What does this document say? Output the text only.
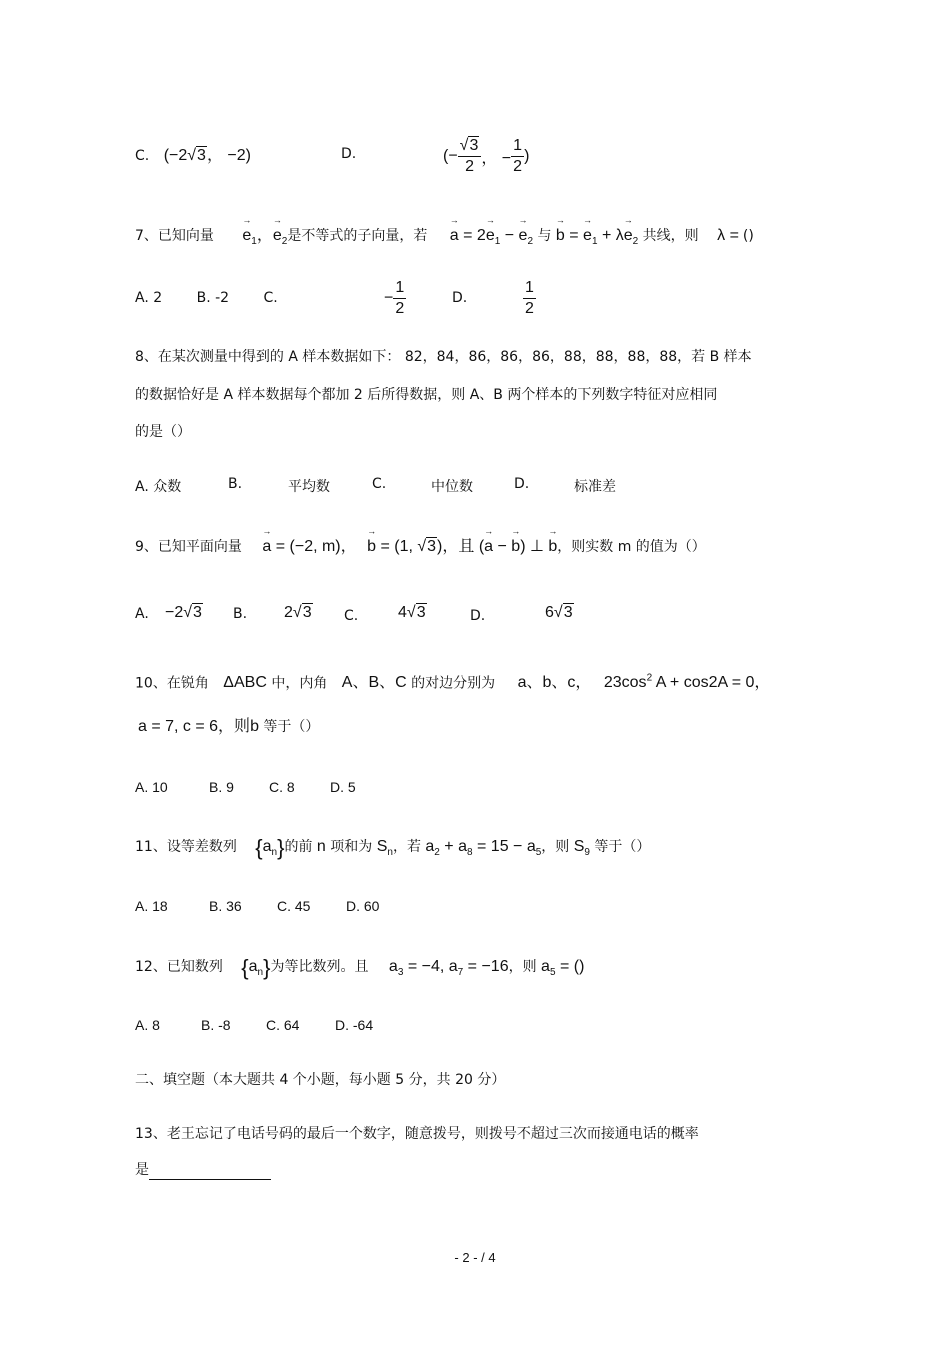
C. (−2√3， −2)	D.	(− $\frac{√3}{2}$ ， − $\frac{1}{2}$ )
7、已知向量 → $e_1$，→ $e_2$是不等式的子向量，若 → $a = 2\to e_1$ − → $e_2$ 与 → b = → $e_1 + \lambda\to e_2$ 共线，则 λ = ()
A. 2 B. -2 C.	− $\frac{1}{2}$	D.	$\frac{1}{2}$
8、在某次测量中得到的 A 样本数据如下： 82，84，86，86，86，88，88，88，88，若 B 样本
的数据恰好是 A 样本数据每个都加 2 后所得数据，则 A、B 两个样本的下列数字特征对应相同
的是（）
A. 众数	B.	平均数	C.	中位数	D.	标准差
9、已知平面向量 → a = (−2, m)， → b = (1, √3)，且 (→ a − → b) ⊥ → b，则实数 m 的值为（）
A. −2√3 B. 2√3 C. 4√3	D.	6√3
10、在锐角 ΔABC 中，内角 A、B、C 的对边分别为 a、b、c， $23\cos^2$ A + cos2A = 0，
a = 7, c = 6，则b 等于（）
A. 10	B. 9	C. 8	D. 5
11、设等差数列 $\{a_n\}$的前 n 项和为 $S_n$，若 $a_2 + a_8 = 15 - a_5$，则 $S_9$ 等于（）
A. 18	B. 36	C. 45	D. 60
12、已知数列 $\{a_n\}$为等比数列。且 $a_3 = -4$, $a_7 = -16$，则 $a_5$ = ()
A. 8	B. -8	C. 64	D. -64
二、填空题（本大题共 4 个小题，每小题 5 分，共 20 分）
13、老王忘记了电话号码的最后一个数字，随意拨号，则拨号不超过三次而接通电话的概率
是
- 2 - / 4
